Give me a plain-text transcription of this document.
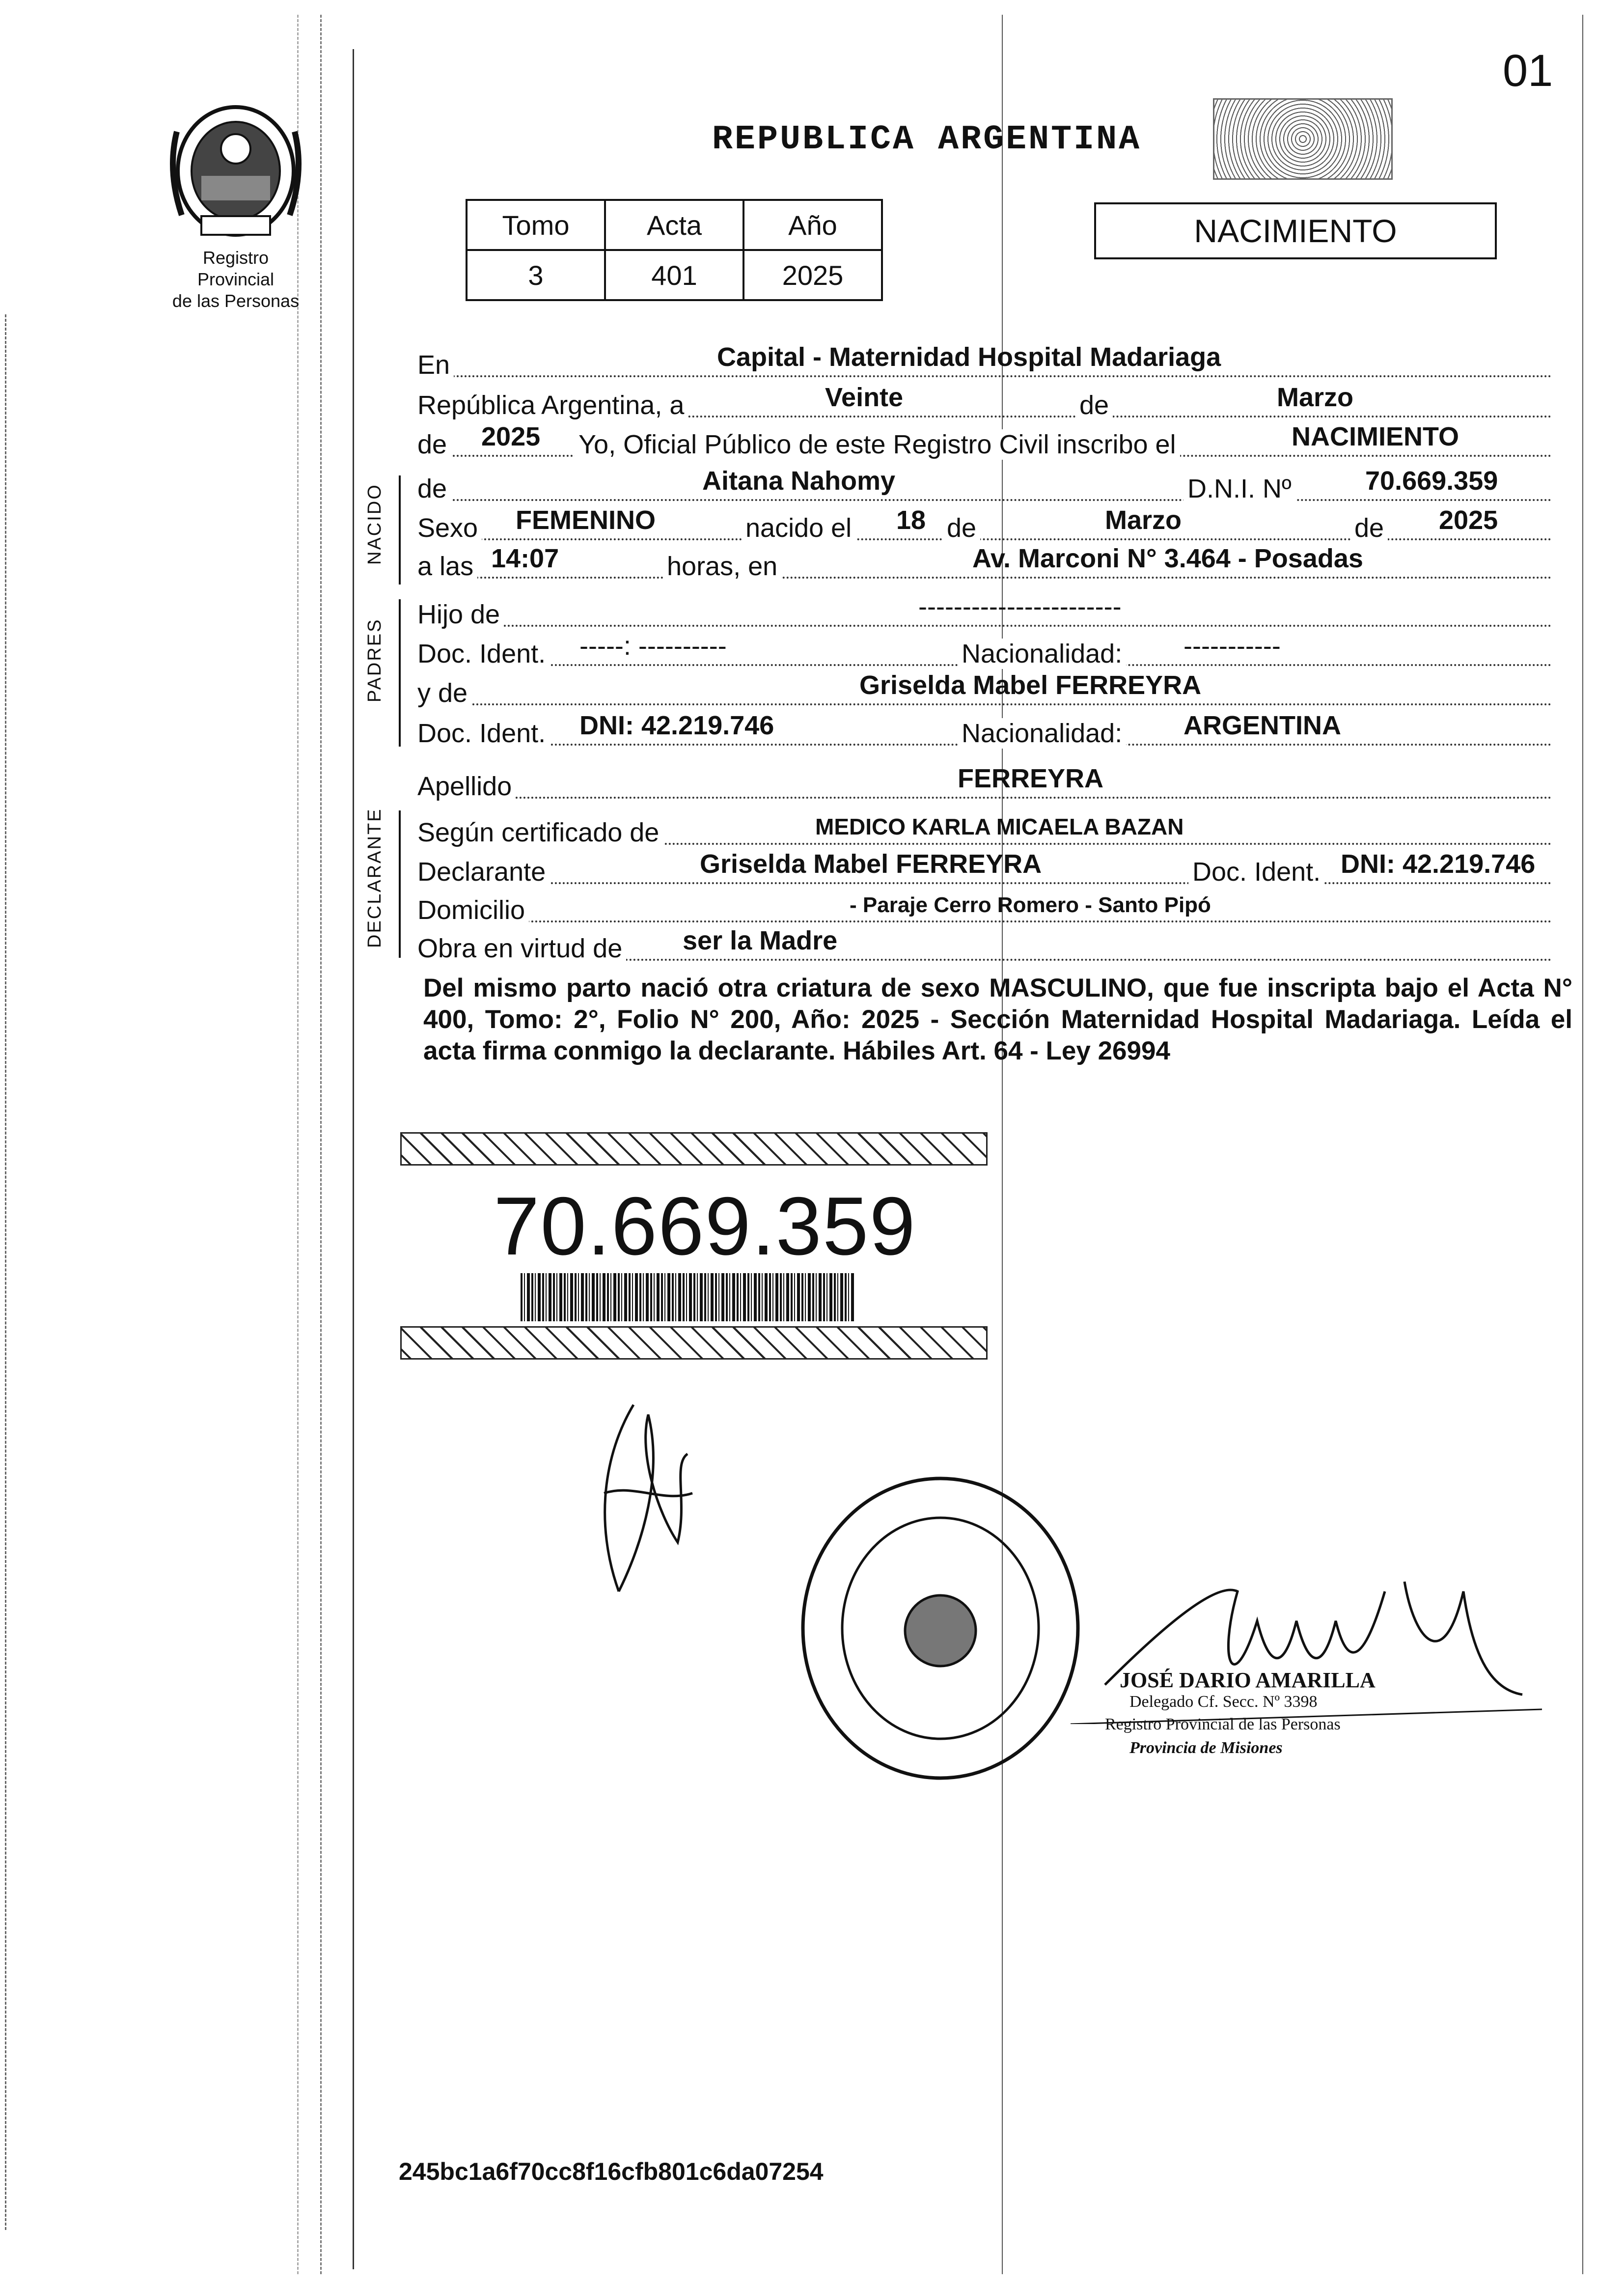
01
Registro Provincial
de las Personas
REPUBLICA ARGENTINA
Tomo	Acta	Año
3	401	2025
NACIMIENTO
En	Capital - Maternidad Hospital Madariaga
República Argentina, a	Veinte	de	Marzo
de 2025 Yo, Oficial Público de este Registro Civil inscribo el	NACIMIENTO
NACIDO de	Aitana Nahomy	D.N.I. Nº	70.669.359
Sexo FEMENINO	nacido el 18 de	Marzo	de 2025
a las 14:07	horas, en	Av. Marconi N° 3.464 - Posadas
PADRES
Hijo de	-----------------------
Doc. Ident. -----: ----------	Nacionalidad: -----------
y de	Griselda Mabel FERREYRA
Doc. Ident. DNI: 42.219.746	Nacionalidad: ARGENTINA
Apellido	FERREYRA
DECLARANTE Según certificado de	MEDICO KARLA MICAELA BAZAN
Declarante	Griselda Mabel FERREYRA	Doc. Ident. DNI: 42.219.746
Domicilio	- Paraje Cerro Romero - Santo Pipó
Obra en virtud de ser la Madre
Del mismo parto nació otra criatura de sexo MASCULINO, que fue inscripta bajo el Acta N° 400, Tomo: 2°, Folio N° 200, Año: 2025 - Sección Maternidad Hospital Madariaga. Leída el acta firma conmigo la declarante. Hábiles Art. 64 - Ley 26994
70.669.359
JOSÉ DARIO AMARILLA
Delegado Cf. Secc. Nº 3398
Registro Provincial de las Personas
Provincia de Misiones
245bc1a6f70cc8f16cfb801c6da07254
